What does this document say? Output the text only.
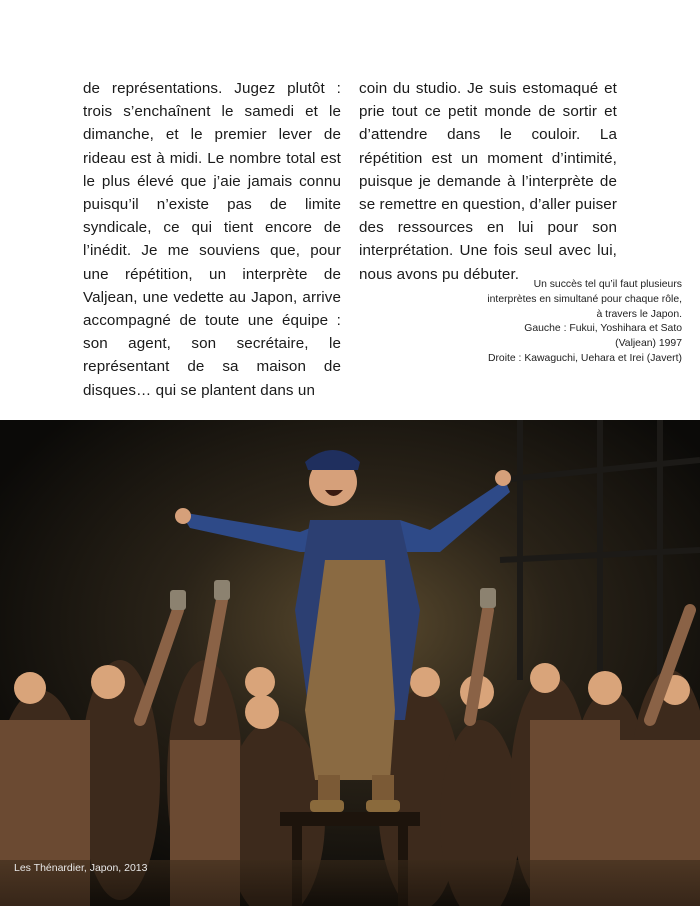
de représentations. Jugez plutôt : trois s’enchaînent le samedi et le dimanche, et le premier lever de rideau est à midi. Le nombre total est le plus élevé que j’aie jamais connu puisqu’il n’existe pas de limite syndicale, ce qui tient encore de l’inédit. Je me souviens que, pour une répétition, un interprète de Valjean, une vedette au Japon, arrive accompagné de toute une équipe : son agent, son secrétaire, le représentant de sa maison de disques… qui se plantent dans un

coin du studio. Je suis estomaqué et prie tout ce petit monde de sortir et d’attendre dans le couloir. La répétition est un moment d’intimité, puisque je demande à l’interprète de se remettre en question, d’aller puiser des ressources en lui pour son interprétation. Une fois seul avec lui, nous avons pu débuter.

Un succès tel qu’il faut plusieurs interprètes en simultané pour chaque rôle, à travers le Japon.

Gauche : Fukui, Yoshihara et Sato (Valjean) 1997

Droite : Kawaguchi, Uehara et Irei (Javert)

Les Thénardier, Japon, 2013
